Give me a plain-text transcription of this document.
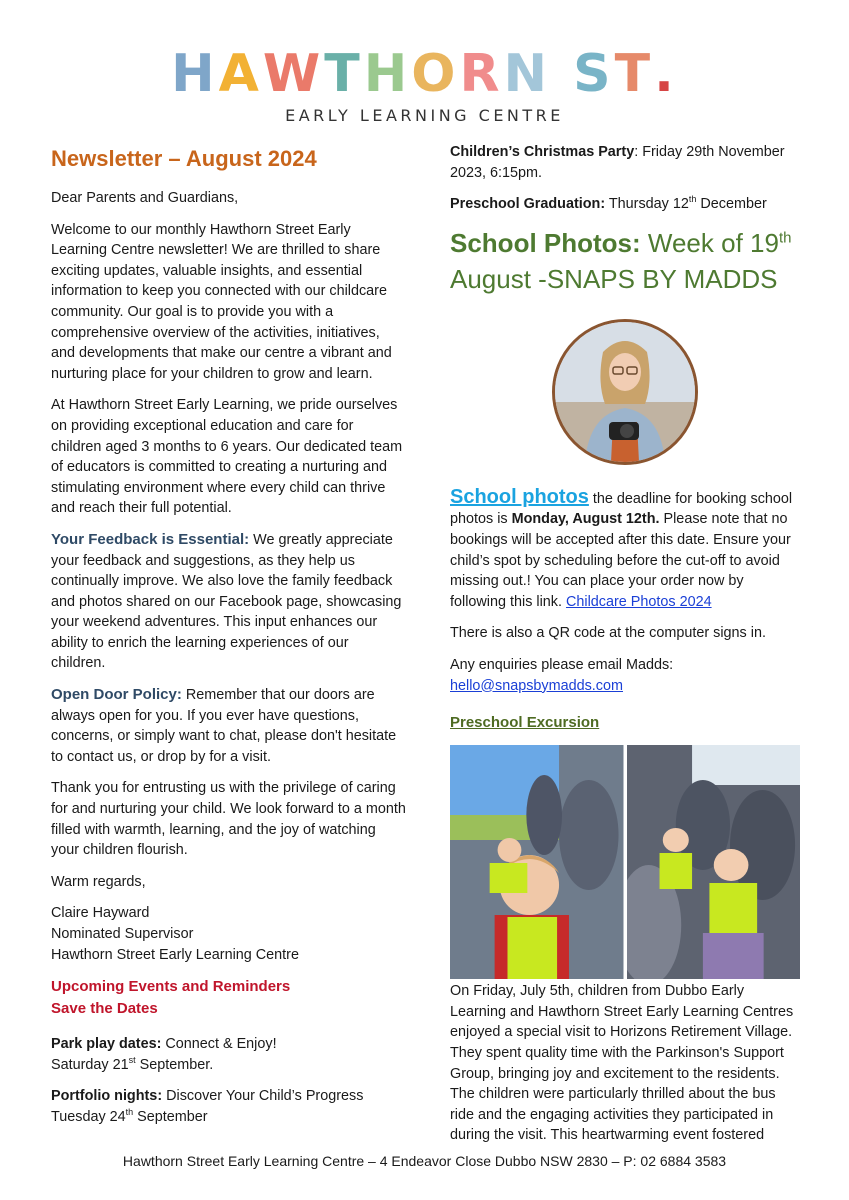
HAWTHORN ST.
EARLY LEARNING CENTRE
Newsletter – August 2024

Dear Parents and Guardians,

Welcome to our monthly Hawthorn Street Early Learning Centre newsletter! We are thrilled to share exciting updates, valuable insights, and essential information to keep you connected with our childcare community. Our goal is to provide you with a comprehensive overview of the activities, initiatives, and developments that make our centre a vibrant and nurturing place for your children to grow and learn.

At Hawthorn Street Early Learning, we pride ourselves on providing exceptional education and care for children aged 3 months to 6 years. Our dedicated team of educators is committed to creating a nurturing and stimulating environment where every child can thrive and reach their full potential.

Your Feedback is Essential: We greatly appreciate your feedback and suggestions, as they help us continually improve. We also love the family feedback and photos shared on our Facebook page, showcasing your weekend adventures. This input enhances our ability to enrich the learning experiences of our children.

Open Door Policy: Remember that our doors are always open for you. If you ever have questions, concerns, or simply want to chat, please don't hesitate to contact us, or drop by for a visit.

Thank you for entrusting us with the privilege of caring for and nurturing your child. We look forward to a month filled with warmth, learning, and the joy of watching your children flourish.

Warm regards,

Claire Hayward

Nominated Supervisor

Hawthorn Street Early Learning Centre

Upcoming Events and Reminders
Save the Dates

Park play dates: Connect & Enjoy!

Saturday 21st September.

Portfolio nights: Discover Your Child’s Progress

Tuesday 24th September

Children’s Christmas Party: Friday 29th November 2023, 6:15pm.

Preschool Graduation: Thursday 12th December

School Photos: Week of 19th August -SNAPS BY MADDS

School photos the deadline for booking school photos is Monday, August 12th. Please note that no bookings will be accepted after this date. Ensure your child’s spot by scheduling before the cut-off to avoid missing out.! You can place your order now by following this link. Childcare Photos 2024

There is also a QR code at the computer signs in.

Any enquiries please email Madds:

hello@snapsbymadds.com

Preschool Excursion

On Friday, July 5th, children from Dubbo Early Learning and Hawthorn Street Early Learning Centres enjoyed a special visit to Horizons Retirement Village. They spent quality time with the Parkinson's Support Group, bringing joy and excitement to the residents. The children were particularly thrilled about the bus ride and the engaging activities they participated in during the visit. This heartwarming event fostered

Hawthorn Street Early Learning Centre – 4 Endeavor Close Dubbo NSW 2830 – P: 02 6884 3583
